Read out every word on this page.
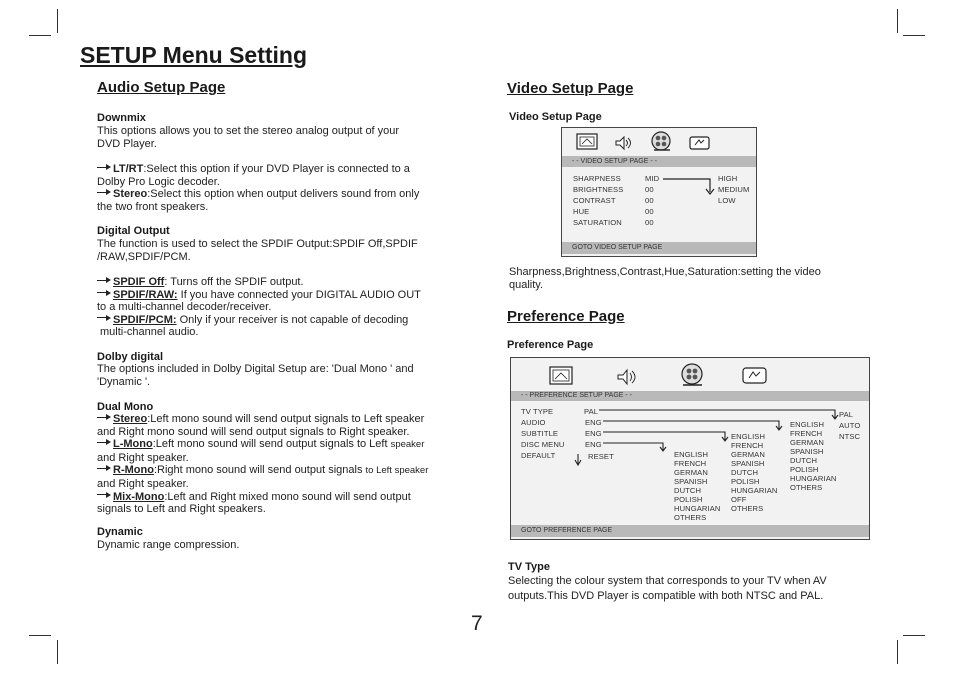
SETUP Menu Setting
Audio Setup Page
Downmix
This options allows you to set the stereo analog output of your
DVD Player.
LT/RT:Select this option if your DVD Player is connected to a
Dolby Pro Logic decoder.
Stereo:Select this option when output delivers sound from only
the two front speakers.
Digital Output
The function is used to select the SPDIF Output:SPDIF Off,SPDIF
/RAW,SPDIF/PCM.
SPDIF Off: Turns off the SPDIF output.
SPDIF/RAW: If you have connected your DIGITAL AUDIO OUT
to a multi-channel decoder/receiver.
SPDIF/PCM: Only if your receiver is not capable of decoding
multi-channel audio.
Dolby digital
The options included in Dolby Digital Setup are: 'Dual Mono ' and
'Dynamic '.
Dual Mono
Stereo:Left mono sound will send output signals to Left speaker
and Right mono sound will send output signals to Right speaker.
L-Mono:Left mono sound will send output signals to Left speaker
and Right speaker.
R-Mono:Right mono sound will send output signals to Left speaker
and Right speaker.
Mix-Mono:Left and Right mixed mono sound will send output
signals to Left and Right speakers.
Dynamic
Dynamic range compression.
Video Setup Page
Video Setup Page
- - VIDEO SETUP PAGE - -
SHARPNESS
BRIGHTNESS
CONTRAST
HUE
SATURATION
MID
00
00
00
00
HIGH
MEDIUM
LOW
GOTO VIDEO SETUP PAGE
Sharpness,Brightness,Contrast,Hue,Saturation:setting the video
quality.
Preference Page
Preference Page
- - PREFERENCE SETUP PAGE - -
TV TYPE
AUDIO
SUBTITLE
DISC MENU
DEFAULT
PAL
ENG
ENG
ENG
RESET
PAL
AUTO
NTSC
ENGLISH
FRENCH
GERMAN
SPANISH
DUTCH
POLISH
HUNGARIAN
OTHERS
ENGLISH
FRENCH
GERMAN
SPANISH
DUTCH
POLISH
HUNGARIAN
OFF
OTHERS
ENGLISH
FRENCH
GERMAN
SPANISH
DUTCH
POLISH
HUNGARIAN
OTHERS
GOTO PREFERENCE PAGE
TV Type
Selecting the colour system that corresponds to your TV when AV
outputs.This DVD Player is compatible with both NTSC and PAL.
7
